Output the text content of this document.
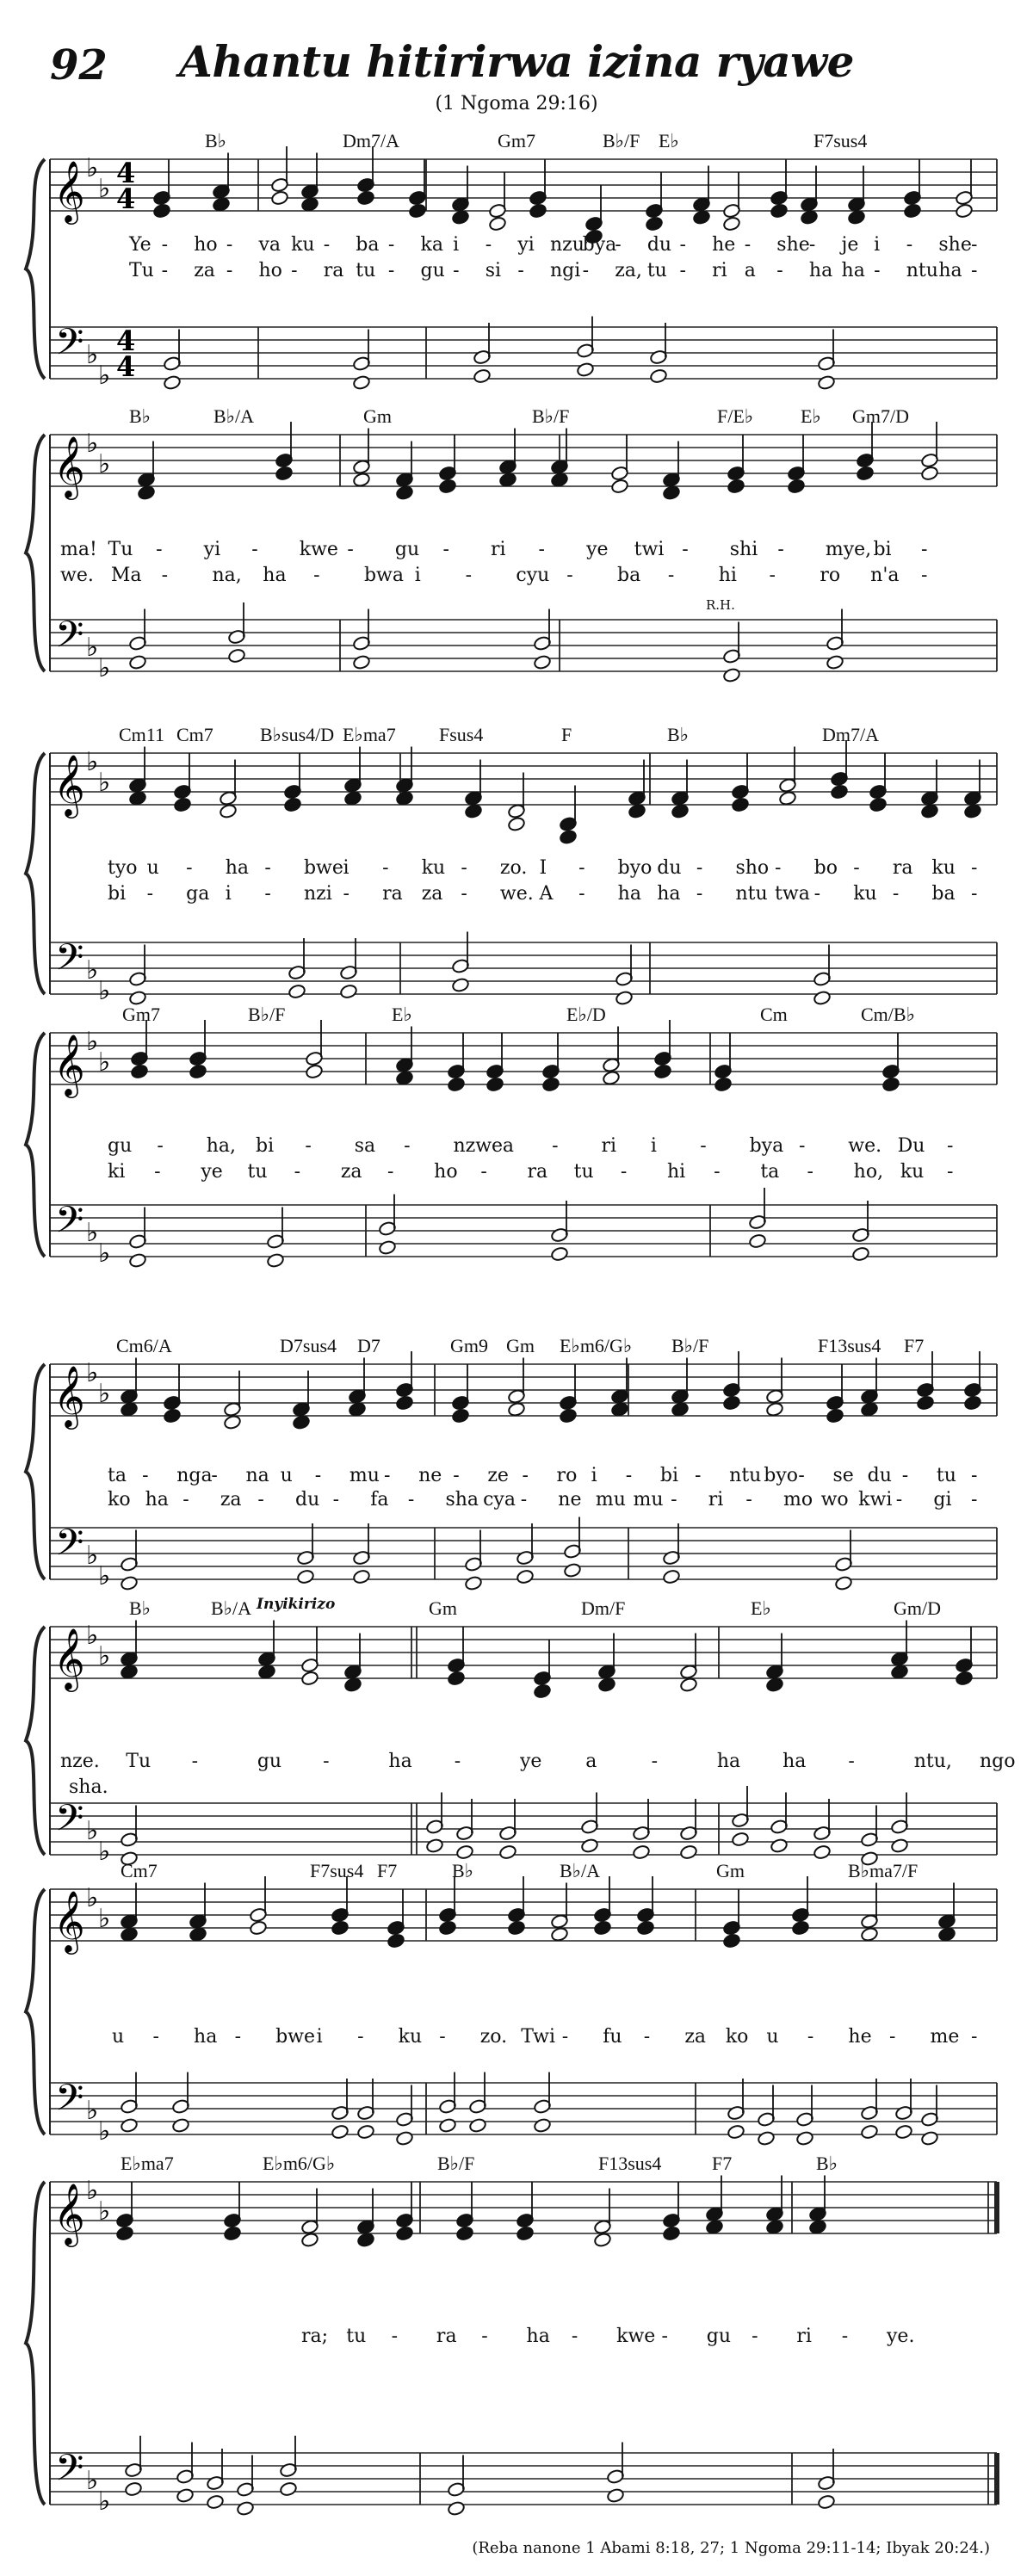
92	Ahantu hitirirwa izina ryawe
(1 Ngoma 29:16)
𝄞
𝄢
♭
♭
♭
♭
4
4
4
4
B♭	Dm7/A	Gm7	B♭/F E♭	F7sus4
Ye - ho - va ku - ba - ka i - yi nzu
bya
- du - he - she - je i - she -
Tu - za - ho - ra tu - gu - si - ngi - za, tu - ri a - ha ha - ntu ha -
𝄞
𝄢
♭
♭
♭
♭
B♭	B♭/A	Gm	B♭/F	F/E♭ E♭ Gm7/D
ma! Tu - yi - kwe - gu - ri - ye twi - shi - mye, bi -
we. Ma - na, ha - bwa i - cyu - ba - hi - ro n'a -
R.H.
𝄞
𝄢
♭
♭
♭
♭
Cm11 Cm7 B♭sus4/D E♭ma7 Fsus4	F	B♭	Dm7/A
tyo u - ha - bwe i - ku - zo. I - byo du - sho - bo - ra ku -
bi - ga i - nzi - ra za - we. A - ha ha - ntu twa - ku - ba -
𝄞
𝄢
♭
♭
♭
♭
Gm7	B♭/F	E♭	E♭/D	Cm	Cm/B♭
gu - ha, bi - sa - nzwe a - ri i - bya - we. Du -
ki - ye tu - za - ho - ra tu - hi - ta - ho, ku -
𝄞
𝄢
♭
♭
♭
♭
Cm6/A	D7sus4 D7	Gm9 Gm E♭m6/G♭ B♭/F	F13sus4 F7
ta - nga
- na u - mu - ne - ze - ro i - bi - ntu byo - se du - tu -
ko ha - za - du - fa - sha cya - ne mu mu - ri - mo wo kwi - gi -
𝄞
𝄢
♭
♭
♭
♭
B♭	B♭/A	Gm	Dm/F	E♭	Gm/D
nze. Tu -	gu -	ha -	ye a	-	ha ha -	ntu, ngo
sha.
Inyikirizo
𝄞
𝄢
♭
♭
♭
♭
Cm7	F7sus4 F7	B♭	B♭/A	Gm	B♭ma7/F
u - ha - bwe i - ku - zo. Twi - fu - za ko u - he - me -
𝄞
𝄢
♭
♭
♭
♭
E♭ma7	E♭m6/G♭	B♭/F	F13sus4	F7	B♭
ra; tu - ra - ha - kwe - gu - ri - ye.
(Reba nanone 1 Abami 8:18, 27; 1 Ngoma 29:11-14; Ibyak 20:24.)
